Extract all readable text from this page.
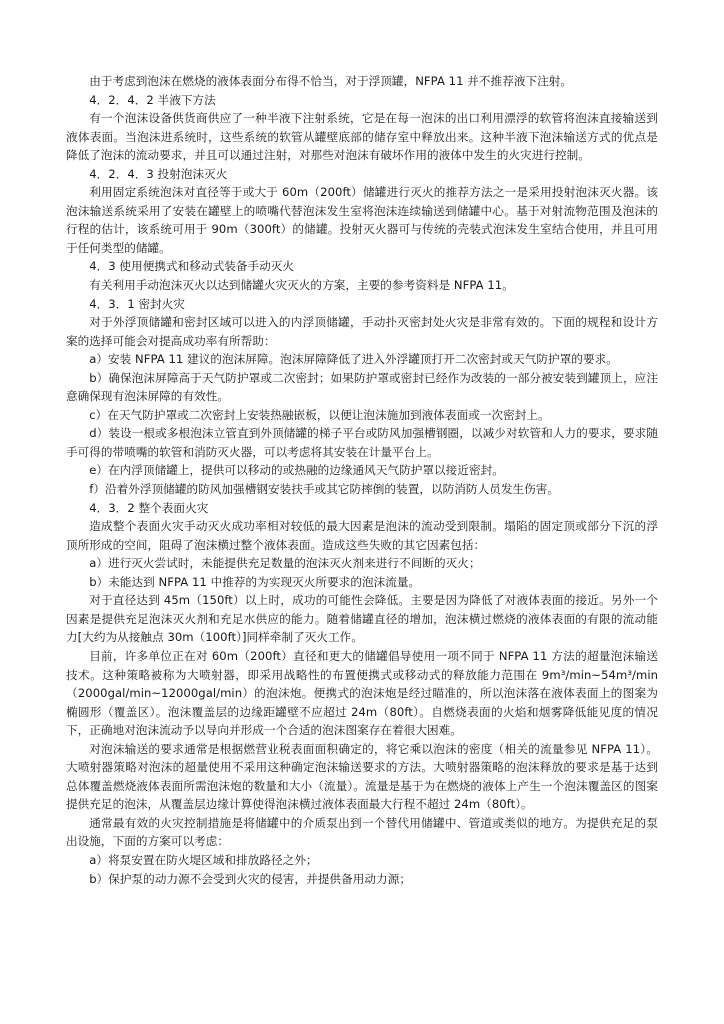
由于考虑到泡沫在燃烧的液体表面分布得不恰当，对于浮顶罐，NFPA 11 并不推荐液下注射。

4．2．4．2 半液下方法

有一个泡沫设备供货商供应了一种半液下注射系统，它是在每一泡沫的出口利用漂浮的软管将泡沫直接输送到液体表面。当泡沫进系统时，这些系统的软管从罐壁底部的储存室中释放出来。这种半液下泡沫输送方式的优点是降低了泡沫的流动要求，并且可以通过注射，对那些对泡沫有破坏作用的液体中发生的火灾进行控制。

4．2．4．3 投射泡沫灭火

利用固定系统泡沫对直径等于或大于 60m（200ft）储罐进行灭火的推荐方法之一是采用投射泡沫灭火器。该泡沫输送系统采用了安装在罐壁上的喷嘴代替泡沫发生室将泡沫连续输送到储罐中心。基于对射流物范围及泡沫的行程的估计，该系统可用于 90m（300ft）的储罐。投射灭火器可与传统的壳装式泡沫发生室结合使用，并且可用于任何类型的储罐。

4．3 使用便携式和移动式装备手动灭火

有关利用手动泡沫灭火以达到储罐火灾灭火的方案，主要的参考资料是 NFPA 11。

4．3．1 密封火灾

对于外浮顶储罐和密封区域可以进入的内浮顶储罐，手动扑灭密封处火灾是非常有效的。下面的规程和设计方案的选择可能会对提高成功率有所帮助：

a）安装 NFPA 11 建议的泡沫屏障。泡沫屏障降低了进入外浮罐顶打开二次密封或天气防护罩的要求。

b）确保泡沫屏障高于天气防护罩或二次密封；如果防护罩或密封已经作为改装的一部分被安装到罐顶上，应注意确保现有泡沫屏障的有效性。

c）在天气防护罩或二次密封上安装热融嵌板，以便让泡沫施加到液体表面或一次密封上。

d）装设一根或多根泡沫立管直到外顶储罐的梯子平台或防风加强槽钢圈，以减少对软管和人力的要求，要求随手可得的带喷嘴的软管和消防灭火器，可以考虑将其安装在计量平台上。

e）在内浮顶储罐上，提供可以移动的或热融的边缘通风天气防护罩以接近密封。

f）沿着外浮顶储罐的防风加强槽钢安装扶手或其它防摔倒的装置，以防消防人员发生伤害。

4．3．2 整个表面火灾

造成整个表面火灾手动灭火成功率相对较低的最大因素是泡沫的流动受到限制。塌陷的固定顶或部分下沉的浮顶所形成的空间，阻碍了泡沫横过整个液体表面。造成这些失败的其它因素包括：

a）进行灭火尝试时，未能提供充足数量的泡沫灭火剂来进行不间断的灭火；

b）未能达到 NFPA 11 中推荐的为实现灭火所要求的泡沫流量。

对于直径达到 45m（150ft）以上时，成功的可能性会降低。主要是因为降低了对液体表面的接近。另外一个因素是提供充足泡沫灭火剂和充足水供应的能力。随着储罐直径的增加，泡沫横过燃烧的液体表面的有限的流动能力[大约为从接触点 30m（100ft）]同样牵制了灭火工作。

目前，许多单位正在对 60m（200ft）直径和更大的储罐倡导使用一项不同于 NFPA 11 方法的超量泡沫输送技术。这种策略被称为大喷射器，即采用战略性的布置便携式或移动式的释放能力范围在 9m³/min~54m³/min（2000gal/min~12000gal/min）的泡沫炮。便携式的泡沫炮是经过瞄准的，所以泡沫落在液体表面上的图案为椭圆形（覆盖区）。泡沫覆盖层的边缘距罐壁不应超过 24m（80ft）。自燃烧表面的火焰和烟雾降低能见度的情况下，正确地对泡沫流动予以导向并形成一个合适的泡沫图案存在着很大困难。

对泡沫输送的要求通常是根据燃营业税表面面积确定的，将它乘以泡沫的密度（相关的流量参见 NFPA 11）。大喷射器策略对泡沫的超量使用不采用这种确定泡沫输送要求的方法。大喷射器策略的泡沫释放的要求是基于达到总体覆盖燃烧液体表面所需泡沫炮的数量和大小（流量）。流量是基于为在燃烧的液体上产生一个泡沫覆盖区的图案提供充足的泡沫，从覆盖层边缘计算使得泡沫横过液体表面最大行程不超过 24m（80ft）。

通常最有效的火灾控制措施是将储罐中的介质泵出到一个替代用储罐中、管道或类似的地方。为提供充足的泵出设施，下面的方案可以考虑：

a）将泵安置在防火堤区域和排放路径之外；

b）保护泵的动力源不会受到火灾的侵害，并提供备用动力源；
